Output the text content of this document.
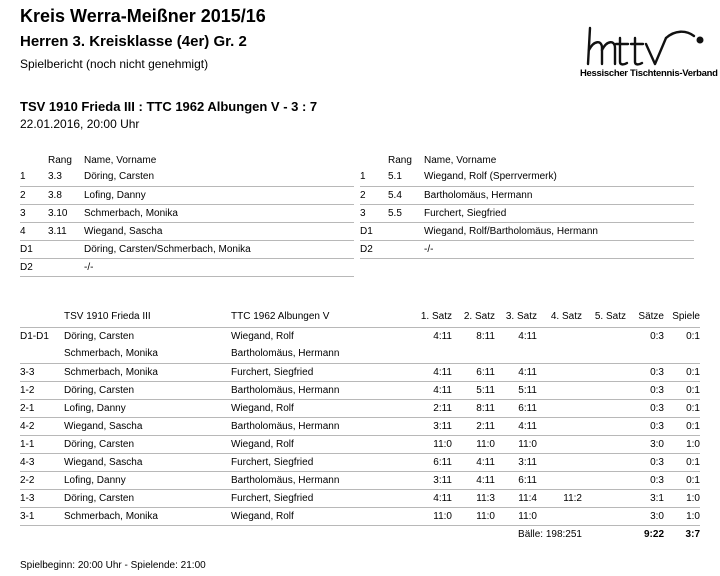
Kreis Werra-Meißner 2015/16
Herren 3. Kreisklasse (4er) Gr. 2
Spielbericht (noch nicht genehmigt)
Hessischer Tischtennis-Verband
TSV 1910 Frieda III : TTC 1962 Albungen V - 3 : 7
22.01.2016, 20:00 Uhr
	Rang	Name, Vorname
1	3.3	Döring, Carsten
2	3.8	Lofing, Danny
3	3.10	Schmerbach, Monika
4	3.11	Wiegand, Sascha
D1		Döring, Carsten/Schmerbach, Monika
D2		-/-
	Rang	Name, Vorname
1	5.1	Wiegand, Rolf (Sperrvermerk)
2	5.4	Bartholomäus, Hermann
3	5.5	Furchert, Siegfried
D1		Wiegand, Rolf/Bartholomäus, Hermann
D2		-/-
	TSV 1910 Frieda III	TTC 1962 Albungen V	1. Satz	2. Satz	3. Satz	4. Satz	5. Satz	Sätze	Spiele
D1-D1	Döring, Carsten	Wiegand, Rolf	4:11	8:11	4:11			0:3	0:1
	Schmerbach, Monika	Bartholomäus, Hermann							
3-3	Schmerbach, Monika	Furchert, Siegfried	4:11	6:11	4:11			0:3	0:1
1-2	Döring, Carsten	Bartholomäus, Hermann	4:11	5:11	5:11			0:3	0:1
2-1	Lofing, Danny	Wiegand, Rolf	2:11	8:11	6:11			0:3	0:1
4-2	Wiegand, Sascha	Bartholomäus, Hermann	3:11	2:11	4:11			0:3	0:1
1-1	Döring, Carsten	Wiegand, Rolf	11:0	11:0	11:0			3:0	1:0
4-3	Wiegand, Sascha	Furchert, Siegfried	6:11	4:11	3:11			0:3	0:1
2-2	Lofing, Danny	Bartholomäus, Hermann	3:11	4:11	6:11			0:3	0:1
1-3	Döring, Carsten	Furchert, Siegfried	4:11	11:3	11:4	11:2		3:1	1:0
3-1	Schmerbach, Monika	Wiegand, Rolf	11:0	11:0	11:0			3:0	1:0
			Bälle: 198:251					9:22	3:7
Spielbeginn: 20:00 Uhr - Spielende: 21:00
